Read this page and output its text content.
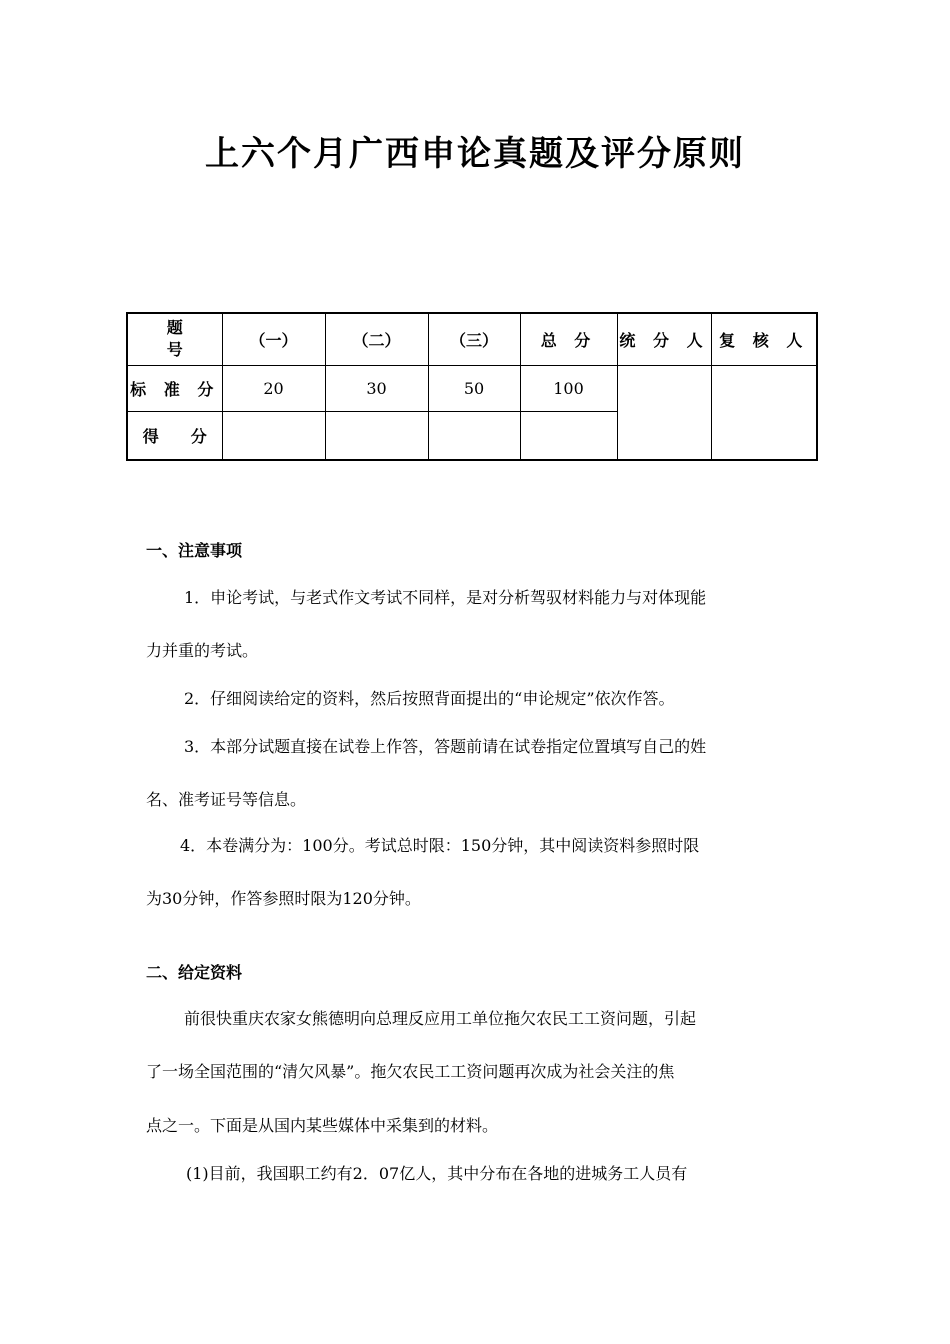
上六个月广西申论真题及评分原则
题
号	（一）	（二）	（三）	总 分	统 分 人	复 核 人
标 准 分	20	30	50	100		
得　　分						
一、注意事项
1．申论考试，与老式作文考试不同样，是对分析驾驭材料能力与对体现能
力并重的考试。
2．仔细阅读给定的资料，然后按照背面提出的“申论规定”依次作答。
3．本部分试题直接在试卷上作答，答题前请在试卷指定位置填写自己的姓
名、准考证号等信息。
4．本卷满分为：100分。考试总时限：150分钟，其中阅读资料参照时限
为30分钟，作答参照时限为120分钟。
二、给定资料
前很快重庆农家女熊德明向总理反应用工单位拖欠农民工工资问题，引起
了一场全国范围的“清欠风暴”。拖欠农民工工资问题再次成为社会关注的焦
点之一。下面是从国内某些媒体中采集到的材料。
(1)目前，我国职工约有2．07亿人，其中分布在各地的进城务工人员有
